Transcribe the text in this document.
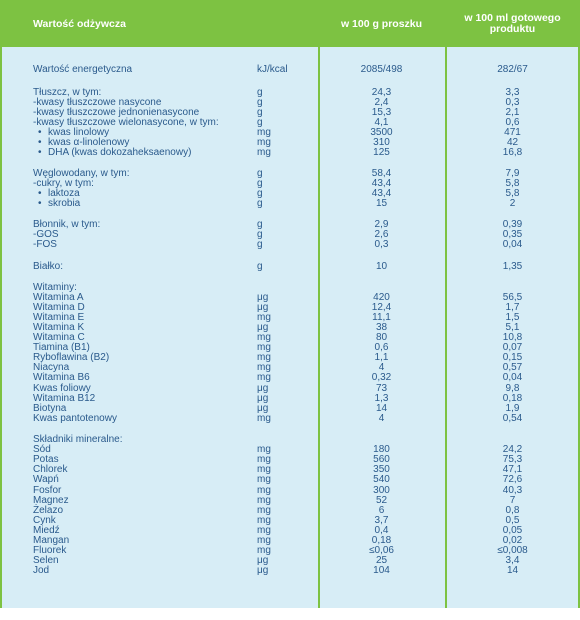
Wartość odżywcza	w 100 g proszku	w 100 ml gotowego
produktu
Wartość energetyczna	kJ/kcal	2085/498	282/67
Tłuszcz, w tym:	g	24,3	3,3
-kwasy tłuszczowe nasycone	g	2,4	0,3
-kwasy tłuszczowe jednonienasycone	g	15,3	2,1
-kwasy tłuszczowe wielonasycone, w tym:	g	4,1	0,6
kwas linolowy	mg	3500	471
•
kwas α-linolenowy	mg	310	42
•
DHA (kwas dokozaheksaenowy)	mg	125	16,8
•
Węglowodany, w tym:	g	58,4	7,9
-cukry, w tym:	g	43,4	5,8
laktoza	g	43,4	5,8
•
skrobia	g	15	2
•
Błonnik, w tym:	g	2,9	0,39
-GOS	g	2,6	0,35
-FOS	g	0,3	0,04
Białko:	g	10	1,35
Witaminy:
Witamina A	μg	420	56,5
Witamina D	μg	12,4	1,7
Witamina E	mg	11,1	1,5
Witamina K	μg	38	5,1
Witamina C	mg	80	10,8
Tiamina (B1)	mg	0,6	0,07
Ryboflawina (B2)	mg	1,1	0,15
Niacyna	mg	4	0,57
Witamina B6	mg	0,32	0,04
Kwas foliowy	μg	73	9,8
Witamina B12	μg	1,3	0,18
Biotyna	μg	14	1,9
Kwas pantotenowy	mg	4	0,54
Składniki mineralne:
Sód	mg	180	24,2
Potas	mg	560	75,3
Chlorek	mg	350	47,1
Wapń	mg	540	72,6
Fosfor	mg	300	40,3
Magnez	mg	52	7
Żelazo	mg	6	0,8
Cynk	mg	3,7	0,5
Miedź	mg	0,4	0,05
Mangan	mg	0,18	0,02
Fluorek	mg	≤0,06	≤0,008
Selen	μg	25	3,4
Jod	μg	104	14
